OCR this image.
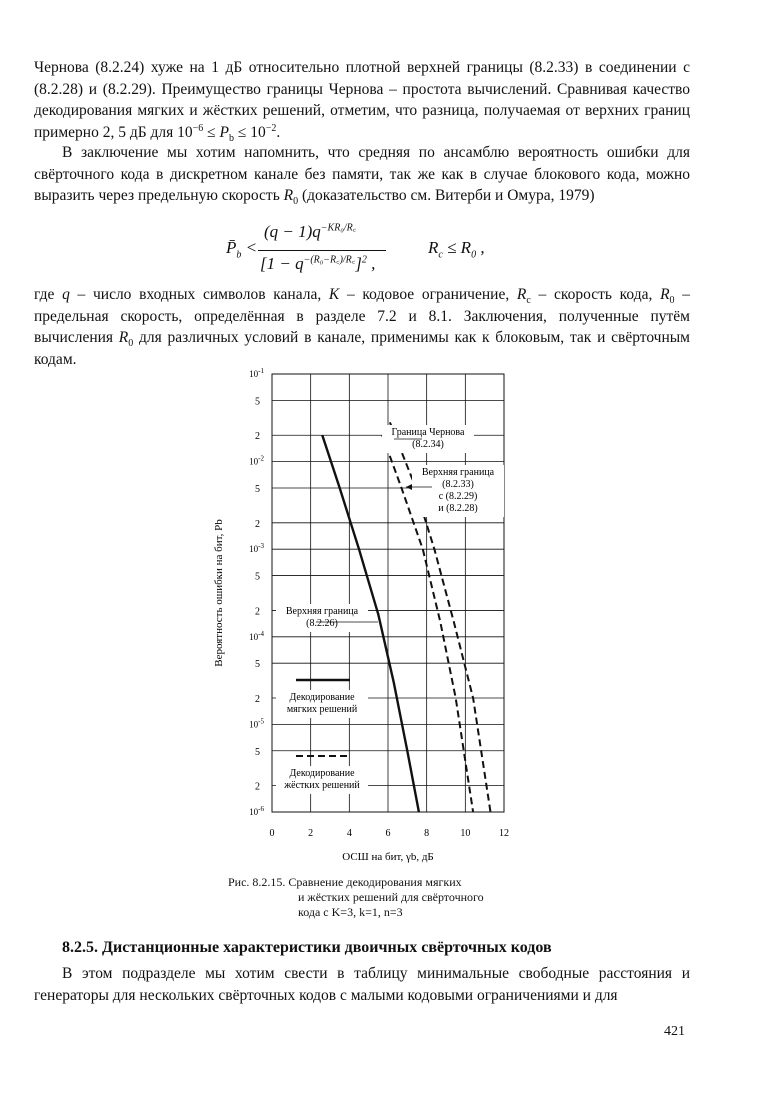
Чернова (8.2.24) хуже на 1 дБ относительно плотной верхней границы (8.2.33) в соединении с (8.2.28) и (8.2.29). Преимущество границы Чернова – простота вычислений. Сравнивая качество декодирования мягких и жёстких решений, отметим, что разница, получаемая от верхних границ примерно 2, 5 дБ для $10^{-6} \le P_b \le 10^{-2}$.

В заключение мы хотим напомнить, что средняя по ансамблю вероятность ошибки для свёрточного кода в дискретном канале без памяти, так же как в случае блокового кода, можно выразить через предельную скорость $R_0$ (доказательство см. Витерби и Омура, 1979)

$P̄_b$ <
$(q - 1)q^{-KR_0/R꜀}$
$[1 - q^{-(R_0-R꜀)/R꜀}]^2$ ,
$R_c \le R_0$ ,

где q – число входных символов канала, K – кодовое ограничение, $R_c$ – скорость кода, $R_0$ – предельная скорость, определённая в разделе 7.2 и 8.1. Заключения, полученные путём вычисления $R_0$ для различных условий в канале, применимы как к блоковым, так и свёрточным кодам.

0	2	4	6	8	10	12
$10^{-1}$
5
2
$10^{-2}$
5
2
$10^{-3}$
5
2
$10^{-4}$
5
2
$10^{-5}$
5
2
$10^{-6}$
ОСШ на бит, γb, дБ
Вероятность ошибки на бит, Pb
Граница Чернова
(8.2.34)
Верхняя граница
(8.2.33)
с (8.2.29)
и (8.2.28)
Верхняя граница
(8.2.26)
Декодирование
мягких решений
Декодирование
жёстких решений
Рис. 8.2.15. Сравнение декодирования мягких
и жёстких решений для свёрточного
кода с K=3, k=1, n=3
8.2.5. Дистанционные характеристики двоичных свёрточных кодов

В этом подразделе мы хотим свести в таблицу минимальные свободные расстояния и генераторы для нескольких свёрточных кодов с малыми кодовыми ограничениями и для

421
